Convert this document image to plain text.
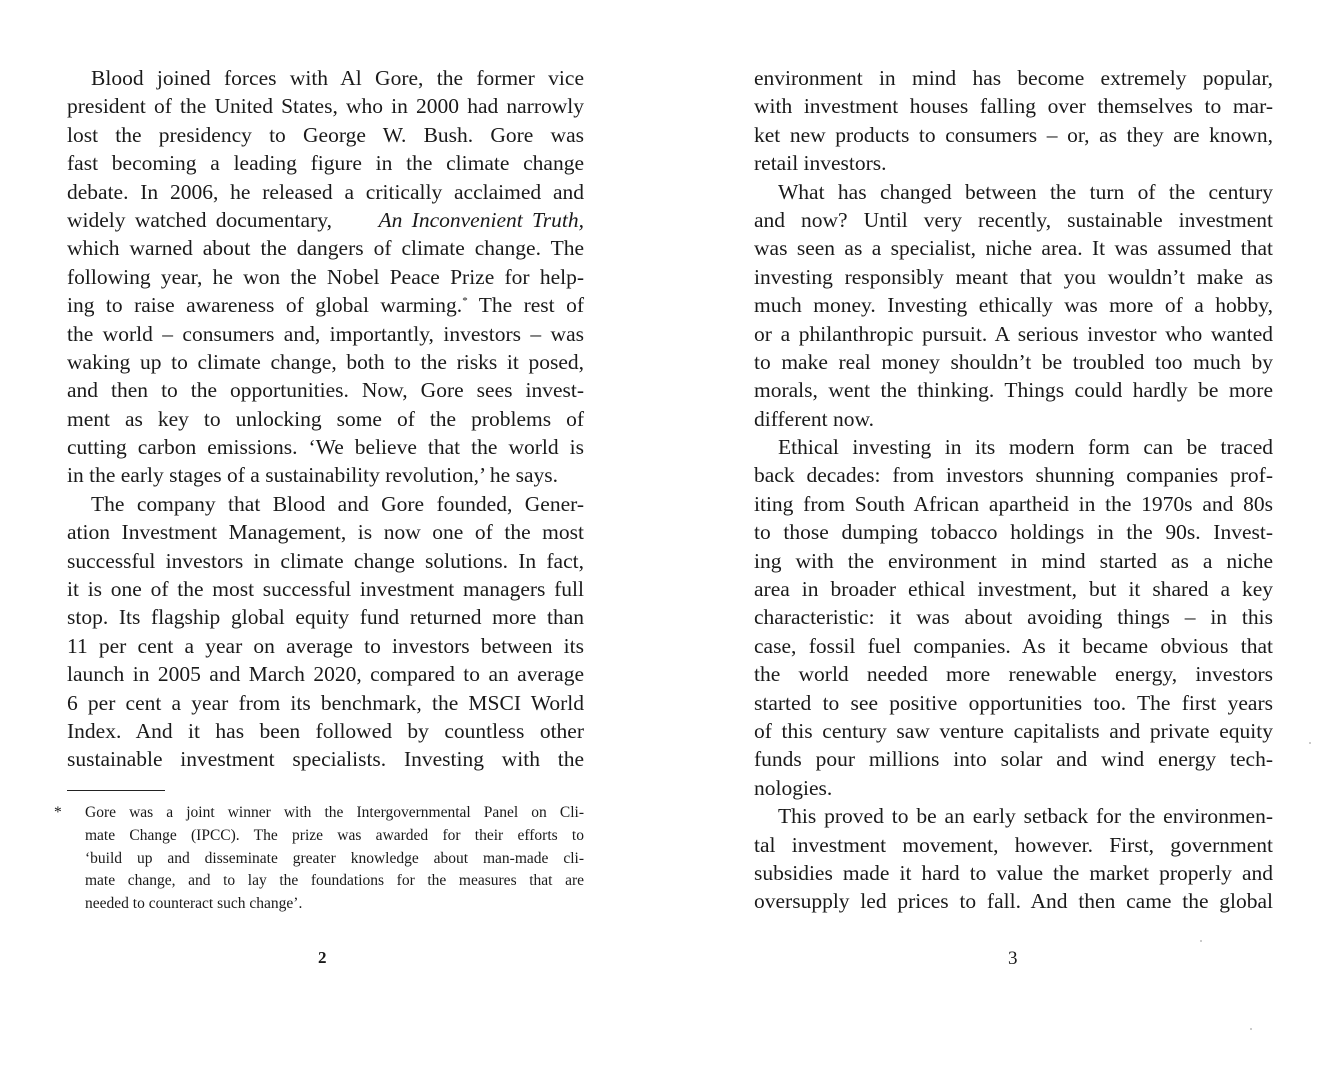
Blood joined forces with Al Gore, the former vice
president of the United States, who in 2000 had narrowly
lost the presidency to George W. Bush. Gore was
fast becoming a leading figure in the climate change
debate. In 2006, he released a critically acclaimed and
widely watched documentary, An Inconvenient Truth,
which warned about the dangers of climate change. The
following year, he won the Nobel Peace Prize for help-
ing to raise awareness of global warming.* The rest of
the world – consumers and, importantly, investors – was
waking up to climate change, both to the risks it posed,
and then to the opportunities. Now, Gore sees invest-
ment as key to unlocking some of the problems of
cutting carbon emissions. ‘We believe that the world is
in the early stages of a sustainability revolution,’ he says.
The company that Blood and Gore founded, Gener-
ation Investment Management, is now one of the most
successful investors in climate change solutions. In fact,
it is one of the most successful investment managers full
stop. Its flagship global equity fund returned more than
11 per cent a year on average to investors between its
launch in 2005 and March 2020, compared to an average
6 per cent a year from its benchmark, the MSCI World
Index. And it has been followed by countless other
sustainable investment specialists. Investing with the
*	Gore was a joint winner with the Intergovernmental Panel on Cli-
mate Change (IPCC). The prize was awarded for their efforts to
‘build up and disseminate greater knowledge about man-made cli-
mate change, and to lay the foundations for the measures that are
needed to counteract such change’.
2
environment in mind has become extremely popular,
with investment houses falling over themselves to mar-
ket new products to consumers – or, as they are known,
retail investors.
What has changed between the turn of the century
and now? Until very recently, sustainable investment
was seen as a specialist, niche area. It was assumed that
investing responsibly meant that you wouldn’t make as
much money. Investing ethically was more of a hobby,
or a philanthropic pursuit. A serious investor who wanted
to make real money shouldn’t be troubled too much by
morals, went the thinking. Things could hardly be more
different now.
Ethical investing in its modern form can be traced
back decades: from investors shunning companies prof-
iting from South African apartheid in the 1970s and 80s
to those dumping tobacco holdings in the 90s. Invest-
ing with the environment in mind started as a niche
area in broader ethical investment, but it shared a key
characteristic: it was about avoiding things – in this
case, fossil fuel companies. As it became obvious that
the world needed more renewable energy, investors
started to see positive opportunities too. The first years
of this century saw venture capitalists and private equity
funds pour millions into solar and wind energy tech-
nologies.
This proved to be an early setback for the environmen-
tal investment movement, however. First, government
subsidies made it hard to value the market properly and
oversupply led prices to fall. And then came the global
3
